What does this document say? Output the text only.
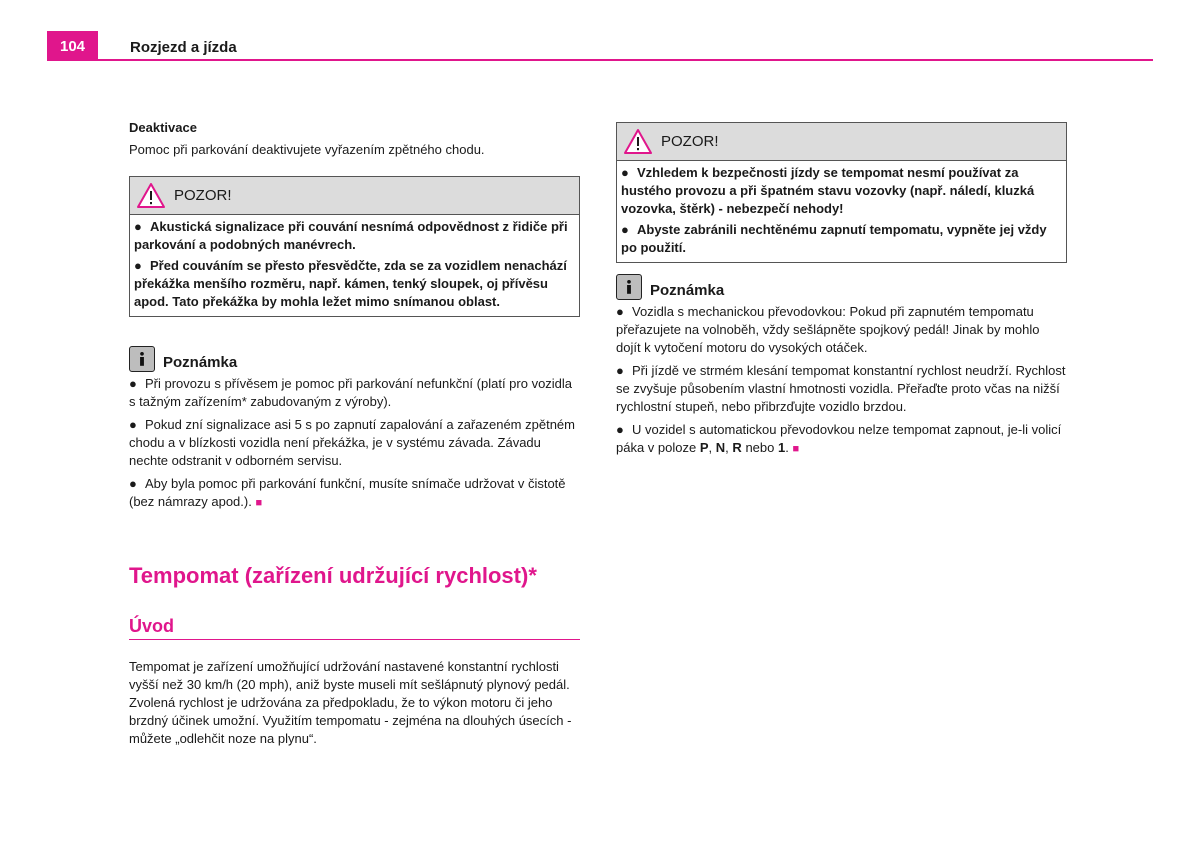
104	Rozjezd a jízda
Deaktivace

Pomoc při parkování deaktivujete vyřazením zpětného chodu.

POZOR!
● Akustická signalizace při couvání nesnímá odpovědnost z řidiče při parkování a podobných manévrech.
● Před couváním se přesto přesvědčte, zda se za vozidlem nenachází překážka menšího rozměru, např. kámen, tenký sloupek, oj přívěsu apod. Tato překážka by mohla ležet mimo snímanou oblast.
Poznámka
● Při provozu s přívěsem je pomoc při parkování nefunkční (platí pro vozidla s tažným zařízením* zabudovaným z výroby).
● Pokud zní signalizace asi 5 s po zapnutí zapalování a zařazeném zpětném chodu a v blízkosti vozidla není překážka, je v systému závada. Závadu nechte odstranit v odborném servisu.
● Aby byla pomoc při parkování funkční, musíte snímače udržovat v čistotě (bez námrazy apod.). ■
Tempomat (zařízení udržující rychlost)*
Úvod

Tempomat je zařízení umožňující udržování nastavené konstantní rychlosti vyšší než 30 km/h (20 mph), aniž byste museli mít sešlápnutý plynový pedál. Zvolená rychlost je udržována za předpokladu, že to výkon motoru či jeho brzdný účinek umožní. Využitím tempomatu - zejména na dlouhých úsecích - můžete „odlehčit noze na plynu“.

POZOR!
● Vzhledem k bezpečnosti jízdy se tempomat nesmí používat za hustého provozu a při špatném stavu vozovky (např. náledí, kluzká vozovka, štěrk) - nebezpečí nehody!
● Abyste zabránili nechtěnému zapnutí tempomatu, vypněte jej vždy po použití.
Poznámka
● Vozidla s mechanickou převodovkou: Pokud při zapnutém tempomatu přeřazujete na volnoběh, vždy sešlápněte spojkový pedál! Jinak by mohlo dojít k vytočení motoru do vysokých otáček.
● Při jízdě ve strmém klesání tempomat konstantní rychlost neudrží. Rychlost se zvyšuje působením vlastní hmotnosti vozidla. Přeřaďte proto včas na nižší rychlostní stupeň, nebo přibrzďujte vozidlo brzdou.
● U vozidel s automatickou převodovkou nelze tempomat zapnout, je-li volicí páka v poloze P, N, R nebo 1. ■
